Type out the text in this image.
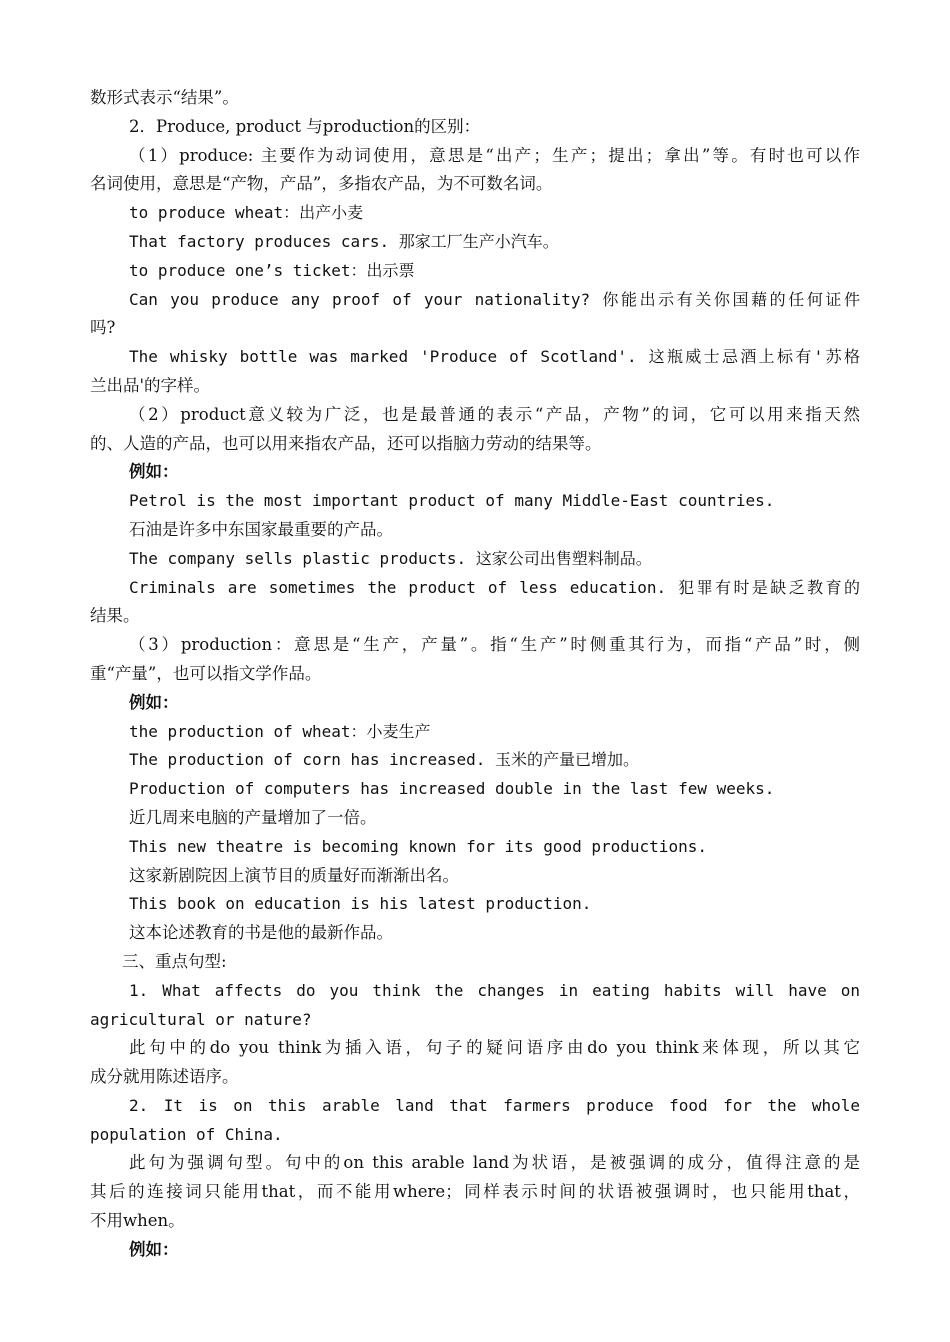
数形式表示“结果”。
2．Produce, product 与production的区别：
（1）produce: 主要作为动词使用，意思是“出产；生产；提出；拿出”等。有时也可以作
名词使用，意思是“产物，产品”，多指农产品，为不可数名词。
to produce wheat：出产小麦
That factory produces cars. 那家工厂生产小汽车。
to produce one’s ticket：出示票
Can you produce any proof of your nationality? 你能出示有关你国藉的任何证件
吗?
The whisky bottle was marked 'Produce of Scotland'. 这瓶威士忌酒上标有'苏格
兰出品'的字样。
（2）product意义较为广泛，也是最普通的表示“产品，产物”的词，它可以用来指天然
的、人造的产品，也可以用来指农产品，还可以指脑力劳动的结果等。
例如：
Petrol is the most important product of many Middle-East countries.
石油是许多中东国家最重要的产品。
The company sells plastic products. 这家公司出售塑料制品。
Criminals are sometimes the product of less education. 犯罪有时是缺乏教育的
结果。
（3）production：意思是“生产，产量”。指“生产”时侧重其行为，而指“产品”时，侧
重“产量”，也可以指文学作品。
例如：
the production of wheat：小麦生产
The production of corn has increased. 玉米的产量已增加。
Production of computers has increased double in the last few weeks.
近几周来电脑的产量增加了一倍。
This new theatre is becoming known for its good productions.
这家新剧院因上演节目的质量好而渐渐出名。
This book on education is his latest production.
这本论述教育的书是他的最新作品。
三、重点句型:
1. What affects do you think the changes in eating habits will have on
agricultural or nature?
此句中的do you think为插入语，句子的疑问语序由do you think来体现，所以其它
成分就用陈述语序。
2. It is on this arable land that farmers produce food for the whole
population of China.
此句为强调句型。句中的on this arable land为状语，是被强调的成分，值得注意的是
其后的连接词只能用that，而不能用where；同样表示时间的状语被强调时，也只能用that，
不用when。
例如：
